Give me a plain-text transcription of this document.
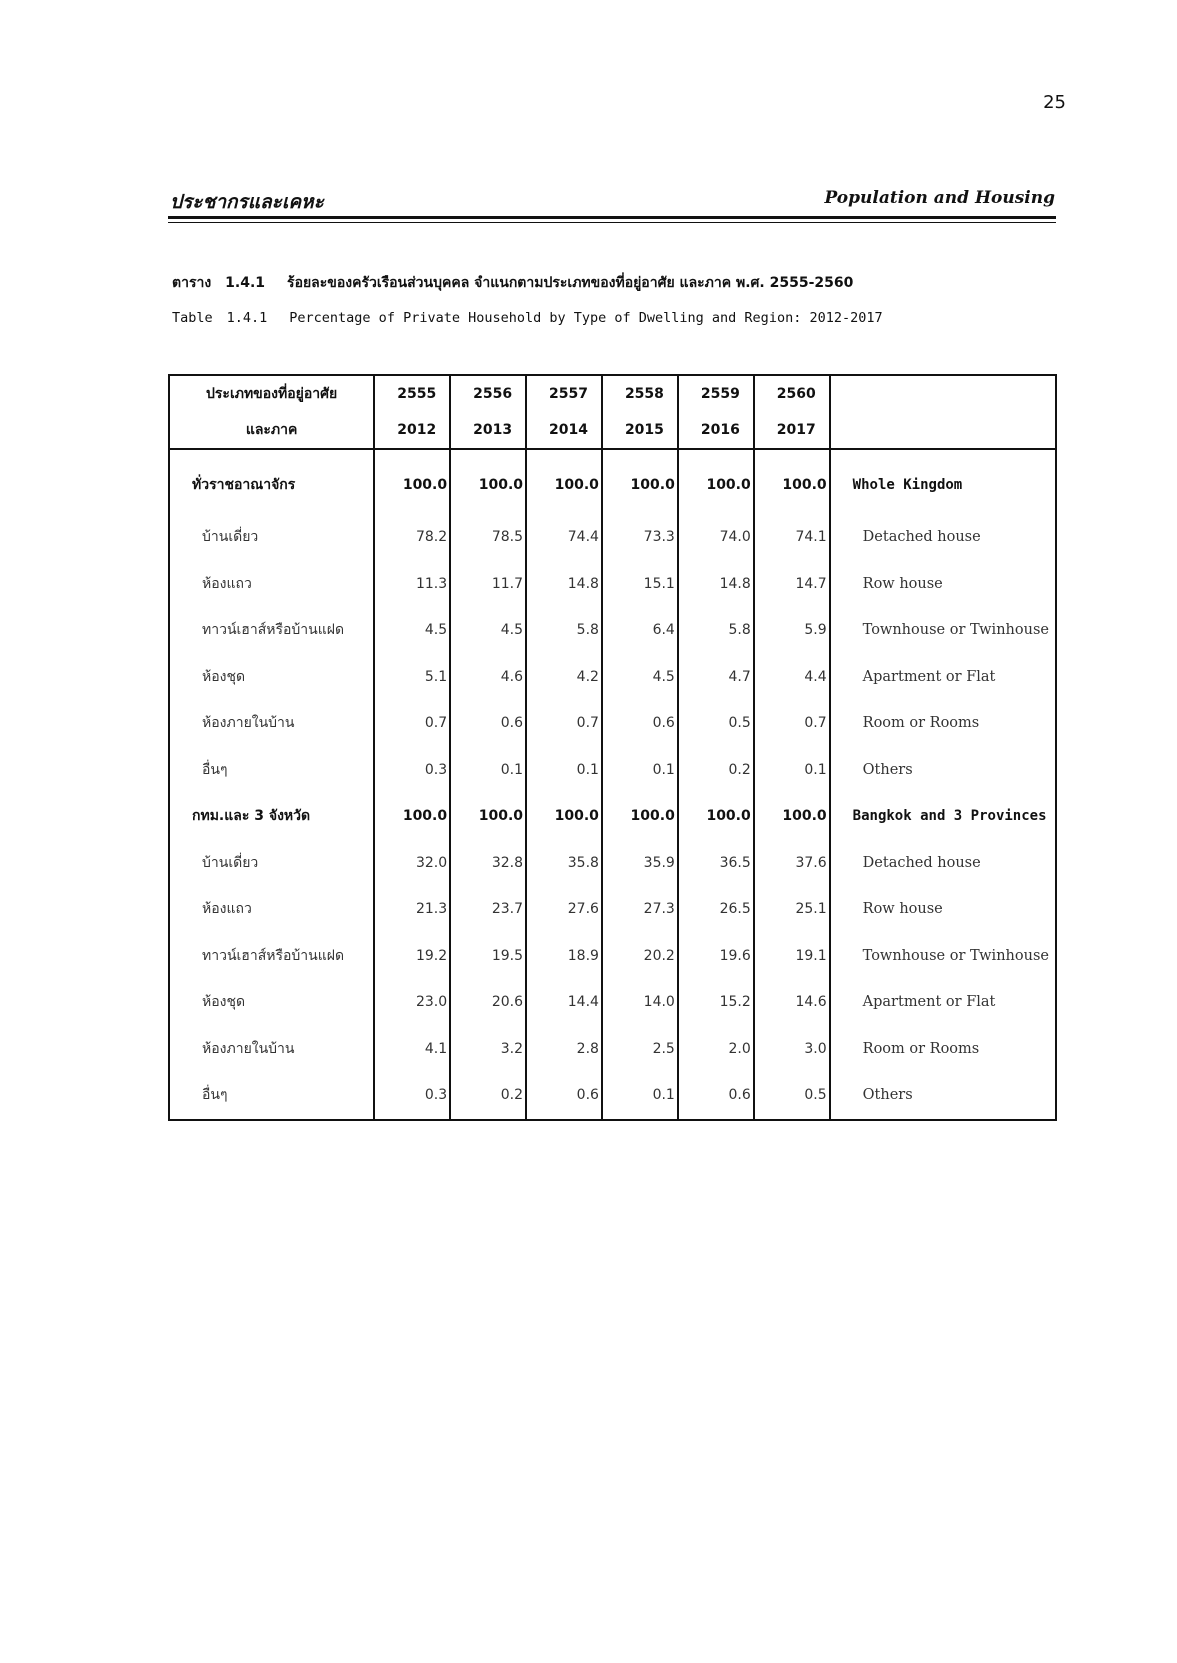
25
ประชากรและเคหะ	Population and Housing
ตาราง 1.4.1 ร้อยละของครัวเรือนส่วนบุคคล จำแนกตามประเภทของที่อยู่อาศัย และภาค พ.ศ. 2555-2560
Table 1.4.1 Percentage of Private Household by Type of Dwelling and Region: 2012-2017
ประเภทของที่อยู่อาศัย	2555	2556	2557	2558	2559	2560	
และภาค	2012	2013	2014	2015	2016	2017	
ทั่วราชอาณาจักร	100.0	100.0	100.0	100.0	100.0	100.0	Whole Kingdom
บ้านเดี่ยว	78.2	78.5	74.4	73.3	74.0	74.1	Detached house
ห้องแถว	11.3	11.7	14.8	15.1	14.8	14.7	Row house
ทาวน์เฮาส์หรือบ้านแฝด	4.5	4.5	5.8	6.4	5.8	5.9	Townhouse or Twinhouse
ห้องชุด	5.1	4.6	4.2	4.5	4.7	4.4	Apartment or Flat
ห้องภายในบ้าน	0.7	0.6	0.7	0.6	0.5	0.7	Room or Rooms
อื่นๆ	0.3	0.1	0.1	0.1	0.2	0.1	Others
กทม.และ 3 จังหวัด	100.0	100.0	100.0	100.0	100.0	100.0	Bangkok and 3 Provinces
บ้านเดี่ยว	32.0	32.8	35.8	35.9	36.5	37.6	Detached house
ห้องแถว	21.3	23.7	27.6	27.3	26.5	25.1	Row house
ทาวน์เฮาส์หรือบ้านแฝด	19.2	19.5	18.9	20.2	19.6	19.1	Townhouse or Twinhouse
ห้องชุด	23.0	20.6	14.4	14.0	15.2	14.6	Apartment or Flat
ห้องภายในบ้าน	4.1	3.2	2.8	2.5	2.0	3.0	Room or Rooms
อื่นๆ	0.3	0.2	0.6	0.1	0.6	0.5	Others
